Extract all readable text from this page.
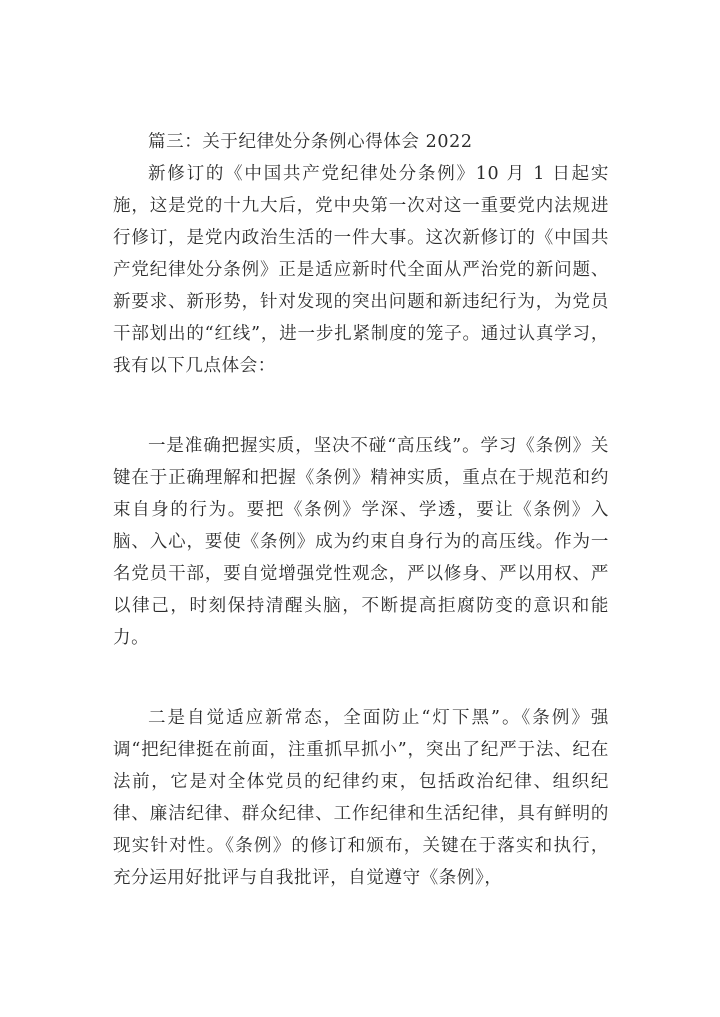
篇三：关于纪律处分条例心得体会 2022

新修订的《中国共产党纪律处分条例》10 月 1 日起实施，这是党的十九大后，党中央第一次对这一重要党内法规进行修订，是党内政治生活的一件大事。这次新修订的《中国共产党纪律处分条例》正是适应新时代全面从严治党的新问题、新要求、新形势，针对发现的突出问题和新违纪行为，为党员干部划出的“红线”，进一步扎紧制度的笼子。通过认真学习，我有以下几点体会：

一是准确把握实质，坚决不碰“高压线”。学习《条例》关键在于正确理解和把握《条例》精神实质，重点在于规范和约束自身的行为。要把《条例》学深、学透，要让《条例》入脑、入心，要使《条例》成为约束自身行为的高压线。作为一名党员干部，要自觉增强党性观念，严以修身、严以用权、严以律己，时刻保持清醒头脑，不断提高拒腐防变的意识和能力。

二是自觉适应新常态，全面防止“灯下黑”。《条例》强调“把纪律挺在前面，注重抓早抓小”，突出了纪严于法、纪在法前，它是对全体党员的纪律约束，包括政治纪律、组织纪律、廉洁纪律、群众纪律、工作纪律和生活纪律，具有鲜明的现实针对性。《条例》的修订和颁布，关键在于落实和执行，充分运用好批评与自我批评，自觉遵守《条例》，
